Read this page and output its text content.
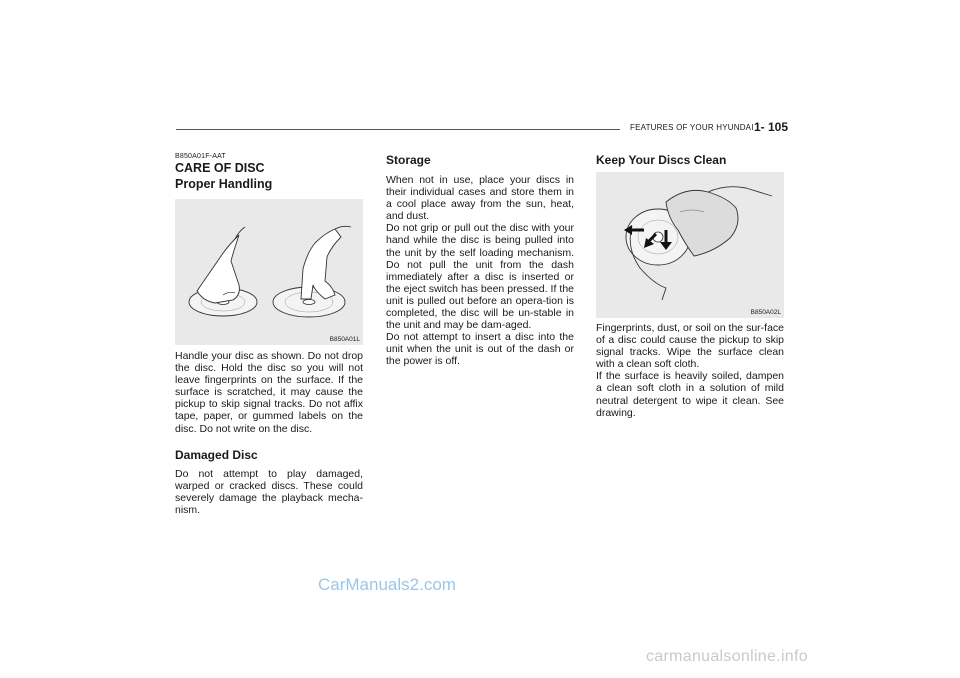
FEATURES OF YOUR HYUNDAI 1- 105
B850A01F-AAT
CARE OF DISC
Proper Handling
B850A01L

Handle your disc as shown. Do not drop the disc. Hold the disc so you will not leave fingerprints on the surface. If the surface is scratched, it may cause the pickup to skip signal tracks. Do not affix tape, paper, or gummed labels on the disc. Do not write on the disc.

Damaged Disc

Do not attempt to play damaged, warped or cracked discs. These could severely damage the playback mecha-nism.

Storage

When not in use, place your discs in their individual cases and store them in a cool place away from the sun, heat, and dust.

Do not grip or pull out the disc with your hand while the disc is being pulled into the unit by the self loading mechanism. Do not pull the unit from the dash immediately after a disc is inserted or the eject switch has been pressed. If the unit is pulled out before an opera-tion is completed, the disc will be un-stable in the unit and may be dam-aged.

Do not attempt to insert a disc into the unit when the unit is out of the dash or the power is off.

Keep Your Discs Clean

B850A02L

Fingerprints, dust, or soil on the sur-face of a disc could cause the pickup to skip signal tracks. Wipe the surface clean with a clean soft cloth.

If the surface is heavily soiled, dampen a clean soft cloth in a solution of mild neutral detergent to wipe it clean. See drawing.

CarManuals2.com
carmanualsonline.info
